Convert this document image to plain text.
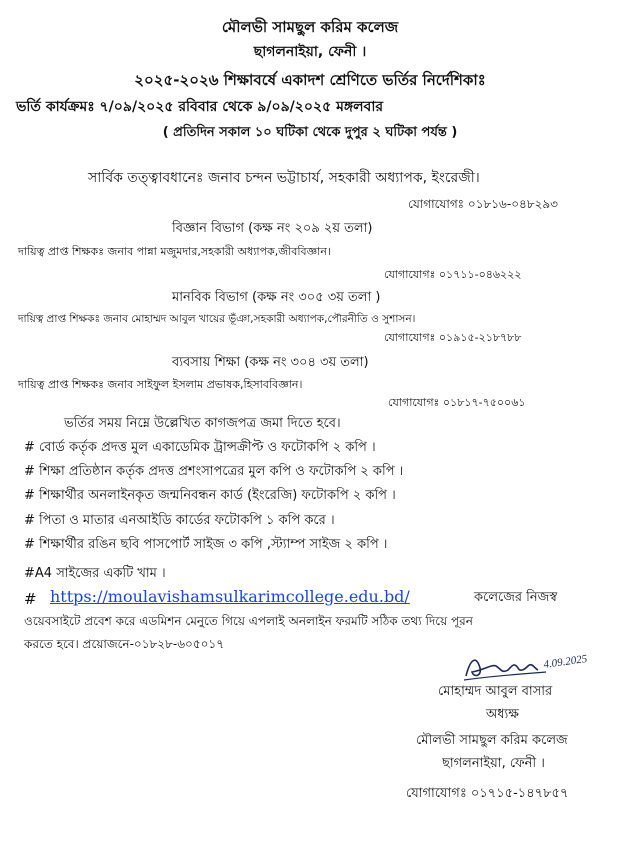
মৌলভী সামছুল করিম কলেজ
ছাগলনাইয়া, ফেনী ।
২০২৫-২০২৬ শিক্ষাবর্ষে একাদশ শ্রেণিতে ভর্তির নির্দেশিকাঃ
ভর্তি কার্যক্রমঃ ৭/০৯/২০২৫ রবিবার থেকে ৯/০৯/২০২৫ মঙ্গলবার
( প্রতিদিন সকাল ১০ ঘটিকা থেকে দুপুর ২ ঘটিকা পর্যন্ত )
সার্বিক তত্ত্বাবধানেঃ জনাব চন্দন ভট্টাচার্য, সহকারী অধ্যাপক, ইংরেজী।
যোগাযোগঃ ০১৮১৬-০৪৮২৯৩
বিজ্ঞান বিভাগ (কক্ষ নং ২০৯ ২য় তলা)
দায়িত্ব প্রাপ্ত শিক্ষকঃ জনাব পান্না মজুমদার,সহকারী অধ্যাপক,জীববিজ্ঞান।
যোগাযোগঃ ০১৭১১-০৪৬২২২
মানবিক বিভাগ (কক্ষ নং ৩০৫ ৩য় তলা )
দায়িত্ব প্রাপ্ত শিক্ষকঃ জনাব মোহাম্মদ আবুল খায়ের ভূঁঞা,সহকারী অধ্যাপক,পৌরনীতি ও সুশাসন।
যোগাযোগঃ ০১৯১৫-২১৮৭৮৮
ব্যবসায় শিক্ষা (কক্ষ নং ৩০৪ ৩য় তলা)
দায়িত্ব প্রাপ্ত শিক্ষকঃ জনাব সাইফুল ইসলাম প্রভাষক,হিসাববিজ্ঞান।
যোগাযোগঃ ০১৮১৭-৭৫০০৬১
ভর্তির সময় নিম্নে উল্লেখিত কাগজপত্র জমা দিতে হবে।
# বোর্ড কর্তৃক প্রদত্ত মুল একাডেমিক ট্রান্সক্রীপ্ট ও ফটোকপি ২ কপি ।
# শিক্ষা প্রতিষ্ঠান কর্তৃক প্রদত্ত প্রশংসাপত্রের মুল কপি ও ফটোকপি ২ কপি ।
# শিক্ষার্থীর অনলাইনকৃত জন্মনিবন্ধন কার্ড (ইংরেজি) ফটোকপি ২ কপি ।
# পিতা ও মাতার এনআইডি কার্ডের ফটোকপি ১ কপি করে ।
# শিক্ষার্থীর রঙিন ছবি পাসপোর্ট সাইজ ৩ কপি ,স্ট্যাম্প সাইজ ২ কপি ।
#A4 সাইজের একটি খাম ।
# https://moulavishamsulkarimcollege.edu.bd/	কলেজের নিজস্ব
ওয়েবসাইটে প্রবেশ করে এডমিশন মেনুতে গিয়ে এপলাই অনলাইন ফরমটি সঠিক তথ্য দিয়ে পূরন
করতে হবে। প্রয়োজনে-০১৮২৮-৬০৫০১৭
4.09.2025
মোহাম্মদ আবুল বাসার
অধ্যক্ষ
মৌলভী সামছুল করিম কলেজ
ছাগলনাইয়া, ফেনী ।
যোগাযোগঃ ০১৭১৫-১৪৭৮৫৭
